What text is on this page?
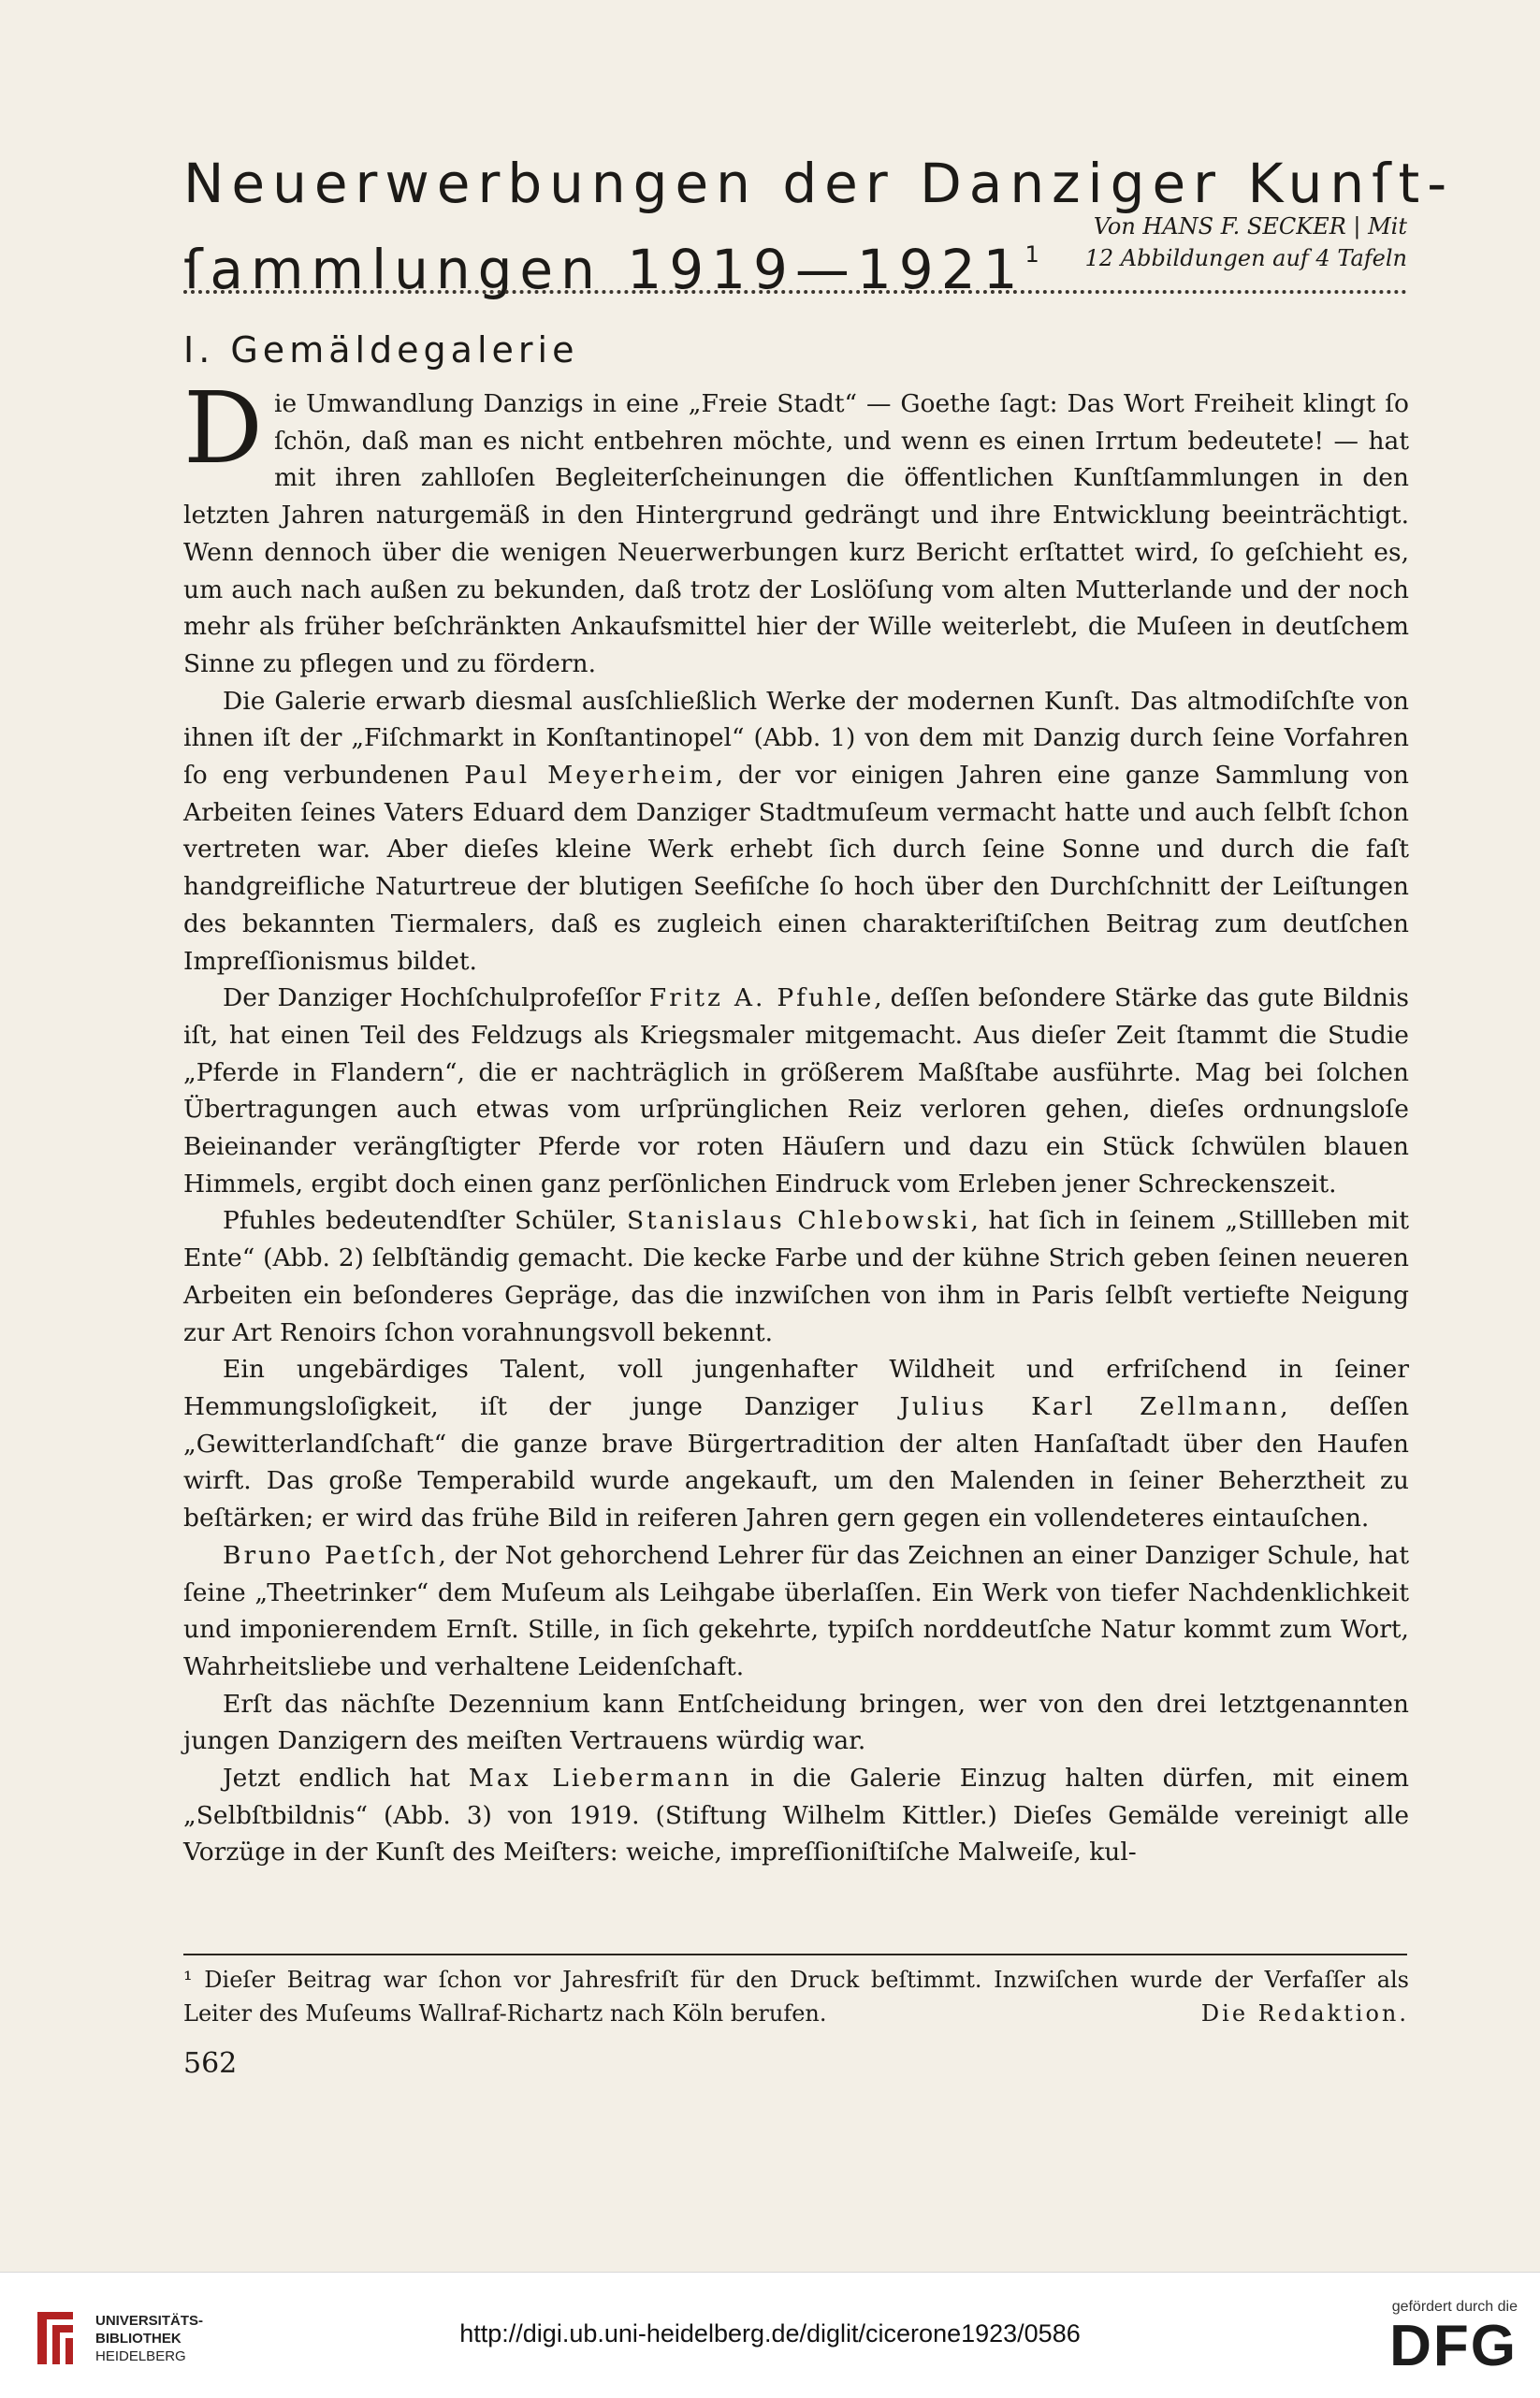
Neuerwerbungen der Danziger Kunſt-
ſammlungen 1919—1921$^1$
Von HANS F. SECKER | Mit
12 Abbildungen auf 4 Tafeln
I. Gemäldegalerie

Die Umwandlung Danzigs in eine „Freie Stadt“ — Goethe ſagt: Das Wort Freiheit klingt ſo ſchön, daß man es nicht entbehren möchte, und wenn es einen Irrtum bedeutete! — hat mit ihren zahlloſen Begleiterſcheinungen die öffentlichen Kunſtſammlungen in den letzten Jahren naturgemäß in den Hintergrund gedrängt und ihre Entwicklung beeinträchtigt. Wenn dennoch über die wenigen Neuerwerbungen kurz Bericht erſtattet wird, ſo geſchieht es, um auch nach außen zu bekunden, daß trotz der Loslöſung vom alten Mutterlande und der noch mehr als früher beſchränkten Ankaufsmittel hier der Wille weiterlebt, die Muſeen in deutſchem Sinne zu pflegen und zu fördern.

Die Galerie erwarb diesmal ausſchließlich Werke der modernen Kunſt. Das altmodiſchſte von ihnen iſt der „Fiſchmarkt in Konſtantinopel“ (Abb. 1) von dem mit Danzig durch ſeine Vorfahren ſo eng verbundenen Paul Meyerheim, der vor einigen Jahren eine ganze Sammlung von Arbeiten ſeines Vaters Eduard dem Danziger Stadtmuſeum vermacht hatte und auch ſelbſt ſchon vertreten war. Aber dieſes kleine Werk erhebt ſich durch ſeine Sonne und durch die faſt handgreifliche Naturtreue der blutigen Seefiſche ſo hoch über den Durchſchnitt der Leiſtungen des bekannten Tiermalers, daß es zugleich einen charakteriſtiſchen Beitrag zum deutſchen Impreſſionismus bildet.

Der Danziger Hochſchulprofeſſor Fritz A. Pfuhle, deſſen beſondere Stärke das gute Bildnis iſt, hat einen Teil des Feldzugs als Kriegsmaler mitgemacht. Aus dieſer Zeit ſtammt die Studie „Pferde in Flandern“, die er nachträglich in größerem Maßſtabe ausführte. Mag bei ſolchen Übertragungen auch etwas vom urſprünglichen Reiz verloren gehen, dieſes ordnungsloſe Beieinander verängſtigter Pferde vor roten Häuſern und dazu ein Stück ſchwülen blauen Himmels, ergibt doch einen ganz perſönlichen Eindruck vom Erleben jener Schreckenszeit.

Pfuhles bedeutendſter Schüler, Stanislaus Chlebowski, hat ſich in ſeinem „Stillleben mit Ente“ (Abb. 2) ſelbſtändig gemacht. Die kecke Farbe und der kühne Strich geben ſeinen neueren Arbeiten ein beſonderes Gepräge, das die inzwiſchen von ihm in Paris ſelbſt vertiefte Neigung zur Art Renoirs ſchon vorahnungsvoll bekennt.

Ein ungebärdiges Talent, voll jungenhafter Wildheit und erfriſchend in ſeiner Hemmungsloſigkeit, iſt der junge Danziger Julius Karl Zellmann, deſſen „Gewitterlandſchaft“ die ganze brave Bürgertradition der alten Hanſaſtadt über den Haufen wirft. Das große Temperabild wurde angekauft, um den Malenden in ſeiner Beherztheit zu beſtärken; er wird das frühe Bild in reiferen Jahren gern gegen ein vollendeteres eintauſchen.

Bruno Paetſch, der Not gehorchend Lehrer für das Zeichnen an einer Danziger Schule, hat ſeine „Theetrinker“ dem Muſeum als Leihgabe überlaſſen. Ein Werk von tiefer Nachdenklichkeit und imponierendem Ernſt. Stille, in ſich gekehrte, typiſch norddeutſche Natur kommt zum Wort, Wahrheitsliebe und verhaltene Leidenſchaft.

Erſt das nächſte Dezennium kann Entſcheidung bringen, wer von den drei letztgenannten jungen Danzigern des meiſten Vertrauens würdig war.

Jetzt endlich hat Max Liebermann in die Galerie Einzug halten dürfen, mit einem „Selbſtbildnis“ (Abb. 3) von 1919. (Stiftung Wilhelm Kittler.) Dieſes Gemälde vereinigt alle Vorzüge in der Kunſt des Meiſters: weiche, impreſſioniſtiſche Malweiſe, kul-

¹ Dieſer Beitrag war ſchon vor Jahresfriſt für den Druck beſtimmt. Inzwiſchen wurde der Verfaſſer als Leiter des Muſeums Wallraf-Richartz nach Köln berufen.	Die Redaktion.
562
UNIVERSITÄTS-
BIBLIOTHEK
HEIDELBERG
http://digi.ub.uni-heidelberg.de/diglit/cicerone1923/0586
gefördert durch die
DFG
